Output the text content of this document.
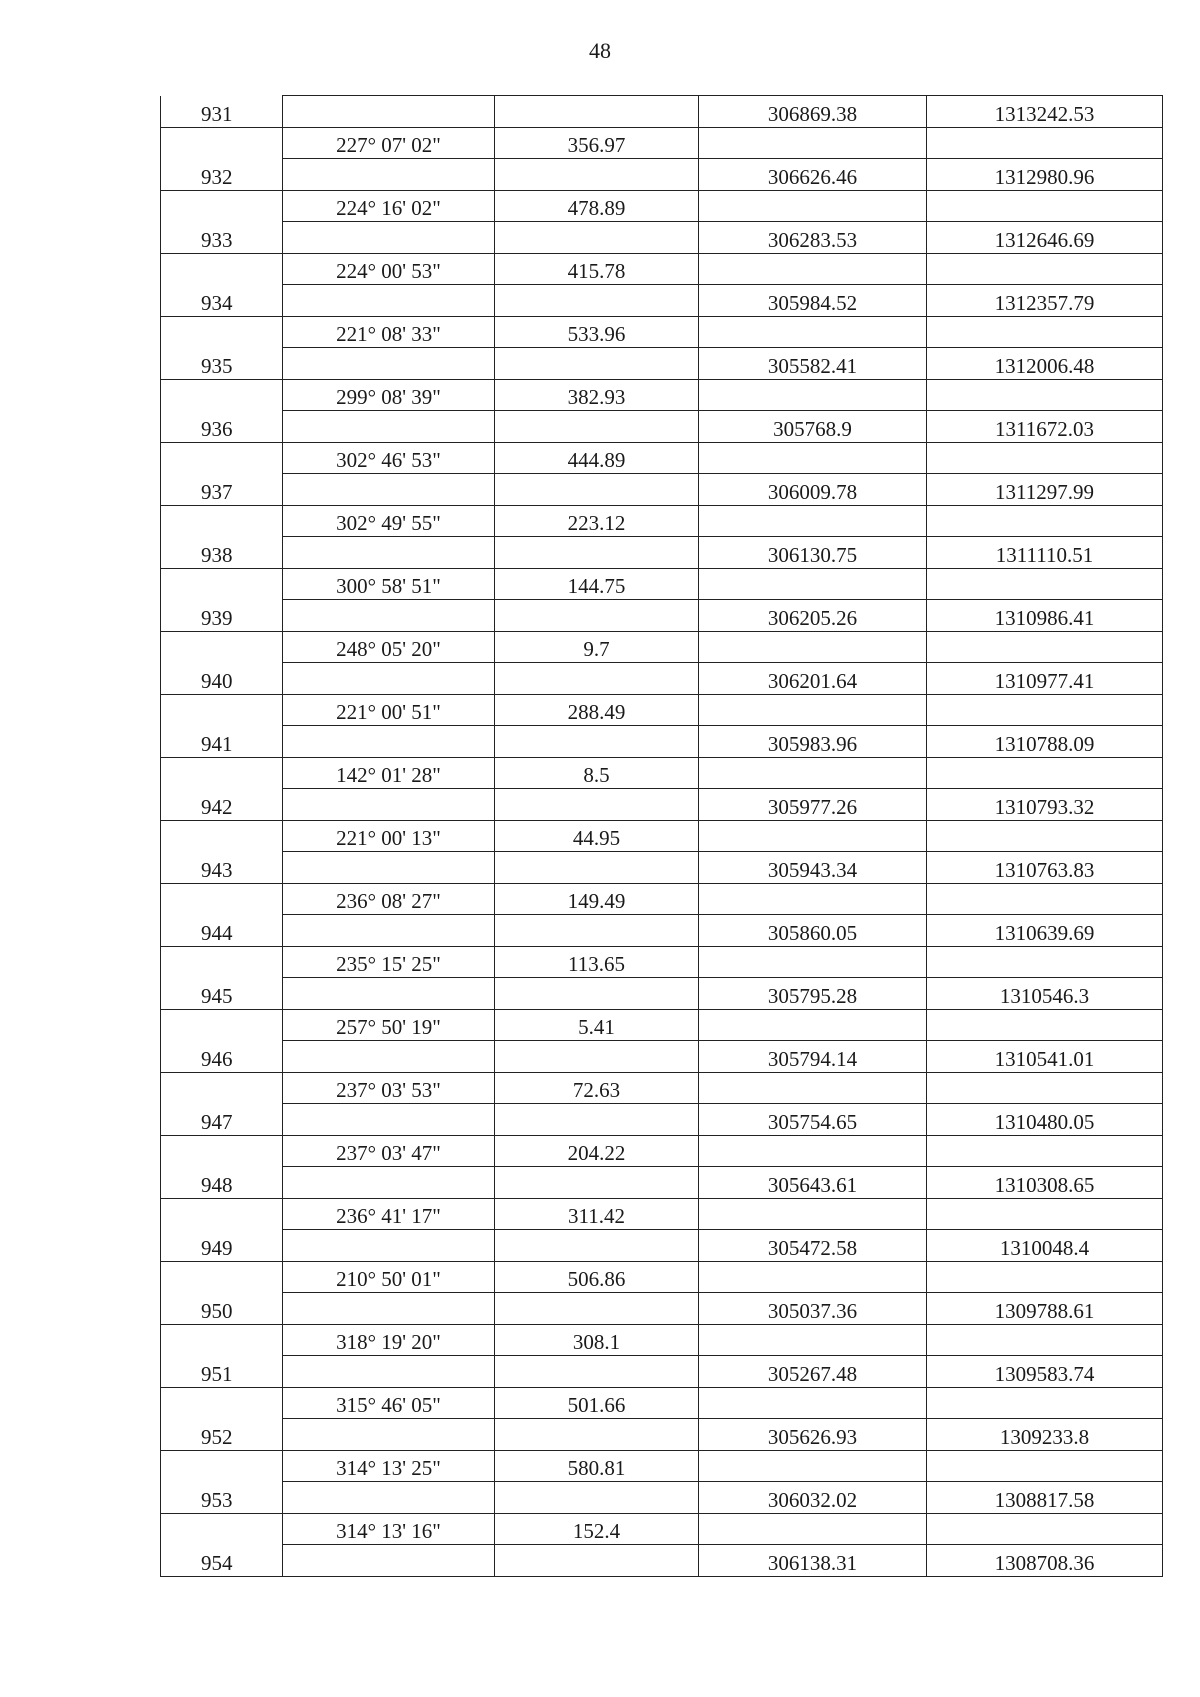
48
931			306869.38	1313242.53
	227° 07' 02"	356.97		
932			306626.46	1312980.96
	224° 16' 02"	478.89		
933			306283.53	1312646.69
	224° 00' 53"	415.78		
934			305984.52	1312357.79
	221° 08' 33"	533.96		
935			305582.41	1312006.48
	299° 08' 39"	382.93		
936			305768.9	1311672.03
	302° 46' 53"	444.89		
937			306009.78	1311297.99
	302° 49' 55"	223.12		
938			306130.75	1311110.51
	300° 58' 51"	144.75		
939			306205.26	1310986.41
	248° 05' 20"	9.7		
940			306201.64	1310977.41
	221° 00' 51"	288.49		
941			305983.96	1310788.09
	142° 01' 28"	8.5		
942			305977.26	1310793.32
	221° 00' 13"	44.95		
943			305943.34	1310763.83
	236° 08' 27"	149.49		
944			305860.05	1310639.69
	235° 15' 25"	113.65		
945			305795.28	1310546.3
	257° 50' 19"	5.41		
946			305794.14	1310541.01
	237° 03' 53"	72.63		
947			305754.65	1310480.05
	237° 03' 47"	204.22		
948			305643.61	1310308.65
	236° 41' 17"	311.42		
949			305472.58	1310048.4
	210° 50' 01"	506.86		
950			305037.36	1309788.61
	318° 19' 20"	308.1		
951			305267.48	1309583.74
	315° 46' 05"	501.66		
952			305626.93	1309233.8
	314° 13' 25"	580.81		
953			306032.02	1308817.58
	314° 13' 16"	152.4		
954			306138.31	1308708.36
